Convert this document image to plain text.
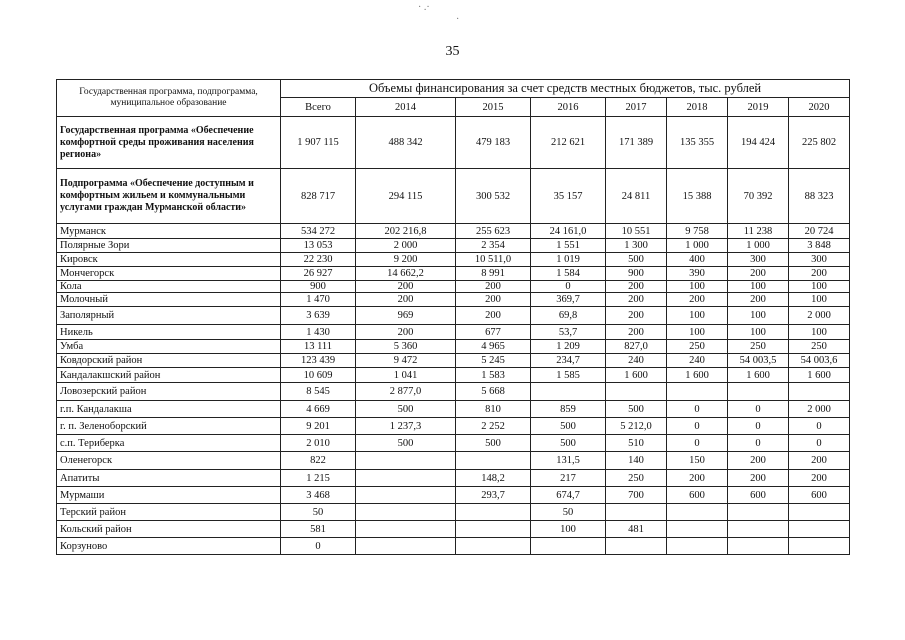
· .·
·
35
Государственная программа, подпрограмма, муниципальное образование	Объемы финансирования за счет средств местных бюджетов, тыс. рублей							
	Всего	2014	2015	2016	2017	2018	2019	2020
Государственная программа «Обеспечение комфортной среды проживания населения региона»	1 907 115	488 342	479 183	212 621	171 389	135 355	194 424	225 802
Подпрограмма «Обеспечение доступным и комфортным жильем и коммунальными услугами граждан Мурманской области»	828 717	294 115	300 532	35 157	24 811	15 388	70 392	88 323
Мурманск	534 272	202 216,8	255 623	24 161,0	10 551	9 758	11 238	20 724
Полярные Зори	13 053	2 000	2 354	1 551	1 300	1 000	1 000	3 848
Кировск	22 230	9 200	10 511,0	1 019	500	400	300	300
Мончегорск	26 927	14 662,2	8 991	1 584	900	390	200	200
Кола	900	200	200	0	200	100	100	100
Молочный	1 470	200	200	369,7	200	200	200	100
Заполярный	3 639	969	200	69,8	200	100	100	2 000
Никель	1 430	200	677	53,7	200	100	100	100
Умба	13 111	5 360	4 965	1 209	827,0	250	250	250
Ковдорский район	123 439	9 472	5 245	234,7	240	240	54 003,5	54 003,6
Кандалакшский район	10 609	1 041	1 583	1 585	1 600	1 600	1 600	1 600
Ловозерский район	8 545	2 877,0	5 668					
г.п. Кандалакша	4 669	500	810	859	500	0	0	2 000
г. п. Зеленоборский	9 201	1 237,3	2 252	500	5 212,0	0	0	0
с.п. Териберка	2 010	500	500	500	510	0	0	0
Оленегорск	822			131,5	140	150	200	200
Апатиты	1 215		148,2	217	250	200	200	200
Мурмаши	3 468		293,7	674,7	700	600	600	600
Терский район	50			50				
Кольский район	581			100	481			
Корзуново	0							
